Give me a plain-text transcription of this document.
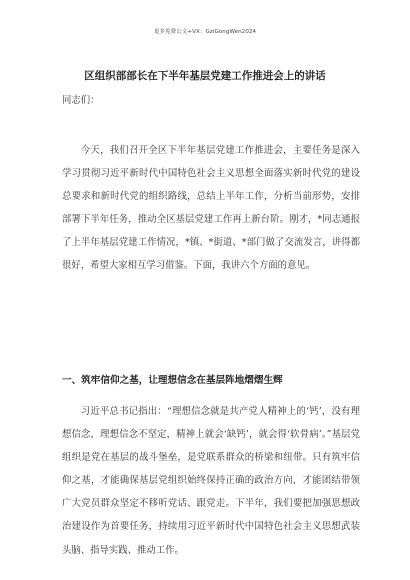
更多免费公文+VX：GziGongWen2024
区组织部部长在下半年基层党建工作推进会上的讲话
同志们：

今天，我们召开全区下半年基层党建工作推进会，主要任务是深入学习贯彻习近平新时代中国特色社会主义思想全面落实新时代党的建设总要求和新时代党的组织路线，总结上半年工作，分析当前形势，安排部署下半年任务，推动全区基层党建工作再上新台阶。刚才，*同志通报了上半年基层党建工作情况，*镇、*街道、*部门做了交流发言，讲得都很好，希望大家相互学习借鉴。下面，我讲六个方面的意见。

一、筑牢信仰之基，让理想信念在基层阵地熠熠生辉

习近平总书记指出：“理想信念就是共产党人精神上的‘钙’，没有理想信念，理想信念不坚定，精神上就会‘缺钙’，就会得‘软骨病’。”基层党组织是党在基层的战斗堡垒，是党联系群众的桥梁和纽带。只有筑牢信仰之基，才能确保基层党组织始终保持正确的政治方向，才能团结带领广大党员群众坚定不移听党话、跟党走。下半年，我们要把加强思想政治建设作为首要任务，持续用习近平新时代中国特色社会主义思想武装头脑、指导实践、推动工作。
